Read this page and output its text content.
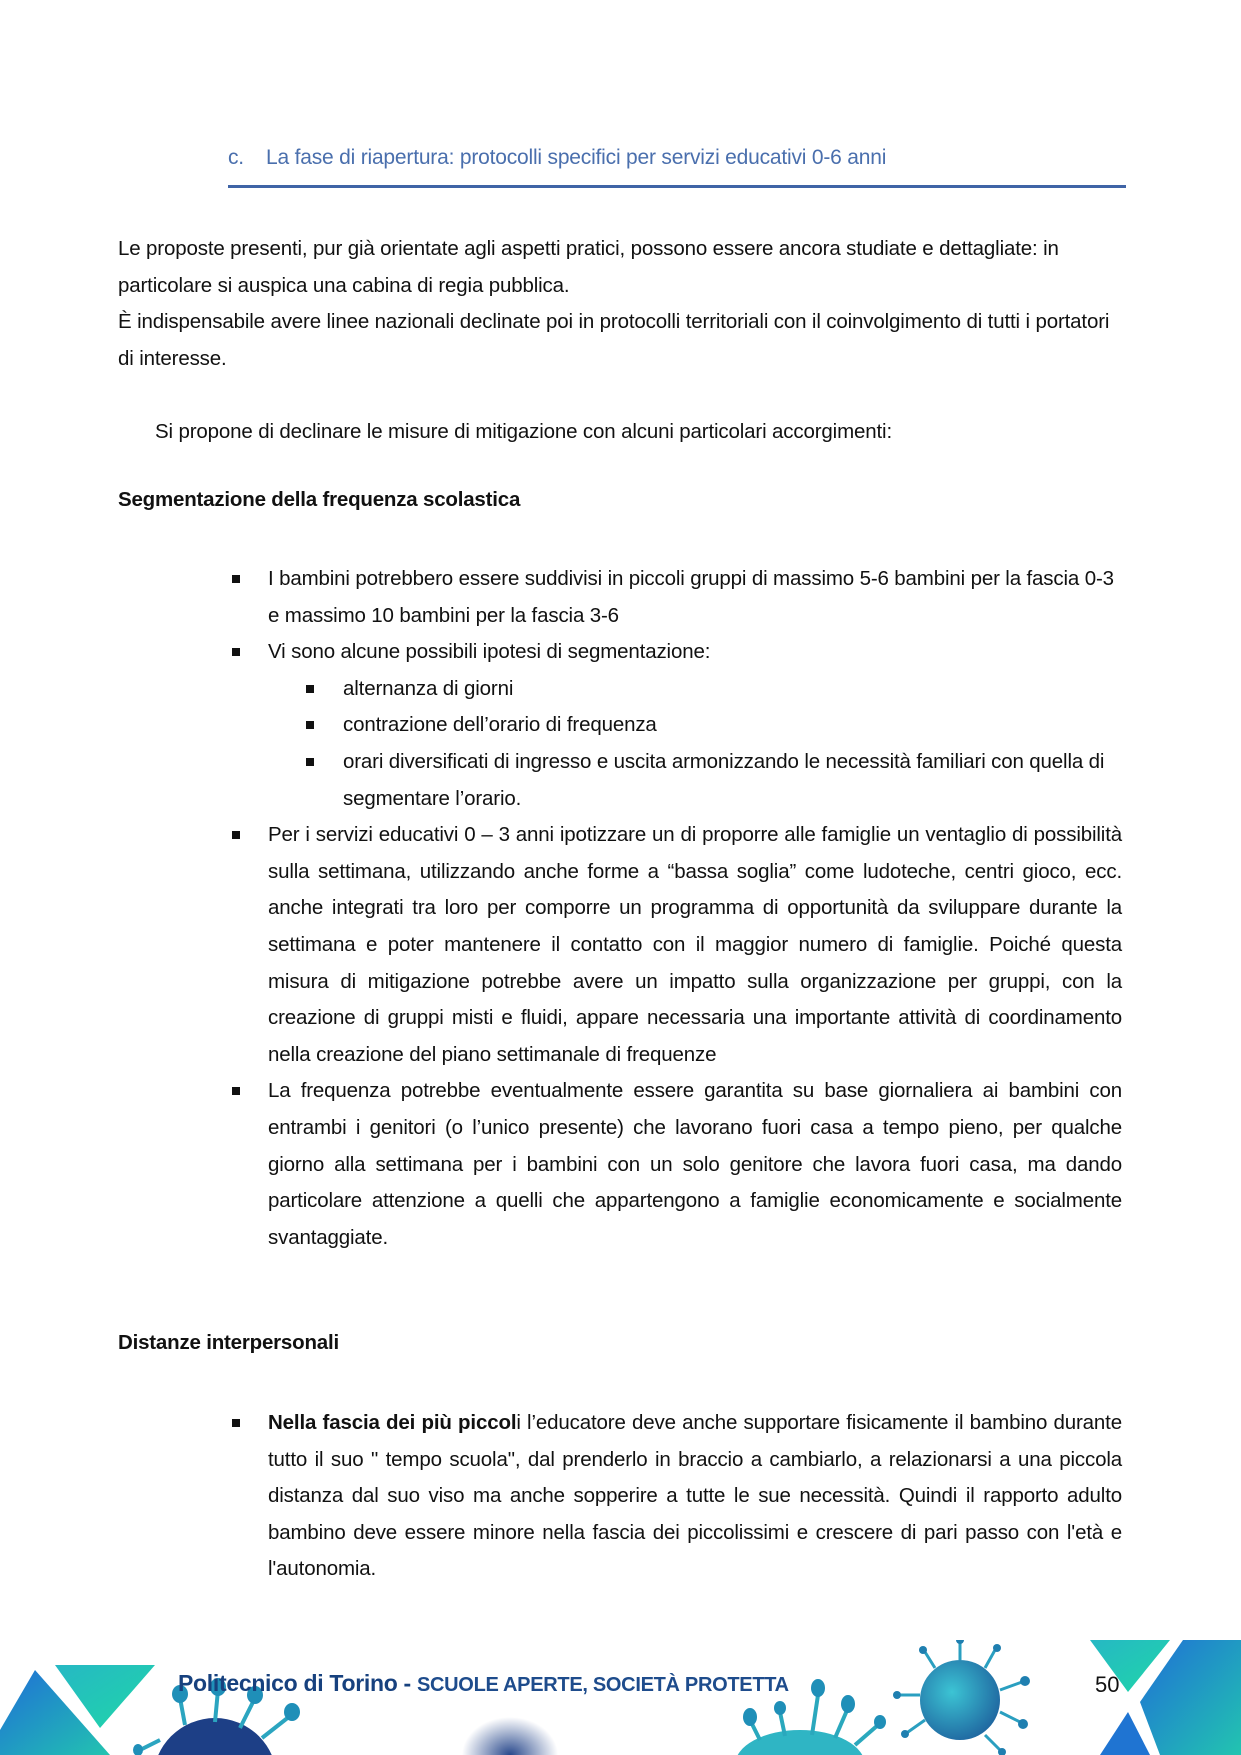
c. La fase di riapertura: protocolli specifici per servizi educativi 0-6 anni
Le proposte presenti, pur già orientate agli aspetti pratici, possono essere ancora studiate e dettagliate: in particolare si auspica una cabina di regia pubblica.
È indispensabile avere linee nazionali declinate poi in protocolli territoriali con il coinvolgimento di tutti i portatori di interesse.
Si propone di declinare le misure di mitigazione con alcuni particolari accorgimenti:
Segmentazione della frequenza scolastica
I bambini potrebbero essere suddivisi in piccoli gruppi di massimo 5-6 bambini per la fascia 0-3 e massimo 10 bambini per la fascia 3-6
Vi sono alcune possibili ipotesi di segmentazione:
alternanza di giorni
contrazione dell’orario di frequenza
orari diversificati di ingresso e uscita armonizzando le necessità familiari con quella di segmentare l’orario.
Per i servizi educativi 0 – 3 anni ipotizzare un di proporre alle famiglie un ventaglio di possibilità sulla settimana, utilizzando anche forme a “bassa soglia” come ludoteche, centri gioco, ecc. anche integrati tra loro per comporre un programma di opportunità da sviluppare durante la settimana e poter mantenere il contatto con il maggior numero di famiglie. Poiché questa misura di mitigazione potrebbe avere un impatto sulla organizzazione per gruppi, con la creazione di gruppi misti e fluidi, appare necessaria una importante attività di coordinamento nella creazione del piano settimanale di frequenze
La frequenza potrebbe eventualmente essere garantita su base giornaliera ai bambini con entrambi i genitori (o l’unico presente) che lavorano fuori casa a tempo pieno, per qualche giorno alla settimana per i bambini con un solo genitore che lavora fuori casa, ma dando particolare attenzione a quelli che appartengono a famiglie economicamente e socialmente svantaggiate.
Distanze interpersonali
Nella fascia dei più piccoli l’educatore deve anche supportare fisicamente il bambino durante tutto il suo " tempo scuola", dal prenderlo in braccio a cambiarlo, a relazionarsi a una piccola distanza dal suo viso ma anche sopperire a tutte le sue necessità. Quindi il rapporto adulto bambino deve essere minore nella fascia dei piccolissimi e crescere di pari passo con l'età e l'autonomia.
Politecnico di Torino - SCUOLE APERTE, SOCIETÀ PROTETTA	50
